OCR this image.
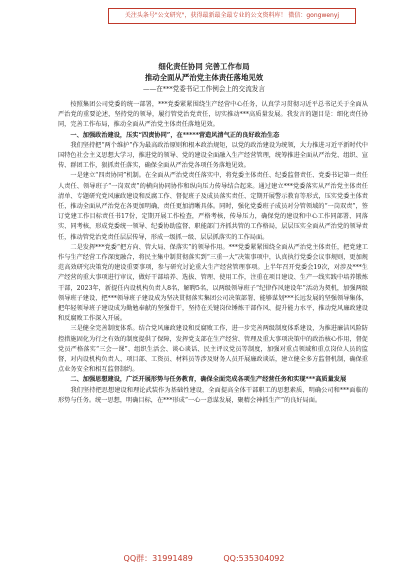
关注头条号"公文研究"，获得最新最全最专业的公文资料库！ 微信：gongwenyj
细化责任协同 完善工作布局
推动全面从严治党主体责任落地见效
——在***党委书记工作例会上的交流发言

按照集团公司党委的统一部署，***党委紧紧围绕生产经营中心任务，认真学习贯彻习近平总书记关于全面从严治党的重要论述，坚持党的领导，履行管党治党责任，切实推动***高质量发展。我发言的题目是：细化责任协同，完善工作布局，推动全面从严治党主体责任落地见效。

一、加强政治建设，压实“四责协同”，在*****营造风清气正的良好政治生态

我们坚持把“两个维护”作为最高政治原则和根本政治规矩，以党的政治建设为统领，大力推进习近平新时代中国特色社会主义思想大学习，推进党的领导、党的建设全面融入生产经营管理，统筹推进全面从严治党、组织、宣传、群团工作，狠抓责任落实，确保全面从严治党各项任务落地见效。

一是建立“四责协同”机制。在全面从严治党责任落实中，将党委主体责任、纪委监督责任、党委书记第一责任人责任、领导班子“一岗双责”的横向协同协作和纵向压力传导结合起来。通过建立***党委落实从严治党主体责任清单、专题研究党风廉政建设和反腐工作、督促班子及成员落实责任、定期开展警示教育等形式，压实党委主体责任，推动全面从严治党在各更加明确，责任更加清晰具体。同时，强化党委班子成员对分管领域的“一岗双责”，签订党建工作目标责任书17份，定期开展工作检查，严格考核，传导压力，确保党的建设和中心工作同部署、同落实、同考核，形成党委统一领导、纪委协助监督、职能部门齐抓共管的工作格局，层层压实全面从严治党的领导责任，推动管党治党责任层层传导，形成一级抓一级、层层抓落实的工作局面。

二是发挥***党委“把方向、管大局、保落实”的领导作用。***党委紧紧围绕全面从严治党主体责任，把党建工作与生产经营工作深度融合，将民主集中制贯彻落实到“三重一大”决策事项中，认真执行党委会议事规则，更加规范高效研究决策党的建设重要事项，参与研究讨论重大生产经营管理事项。上半年召开党委会19次，对涉及***生产经营的重大事项进行审议，做好干部培养、选拔、管理、使用工作，注重在项目建设、生产一线实践中培养锻炼干部，2023年，新提任内设机构负责人8名，解聘5名，以两级领导班子“纪律作风建设年”活动为契机，加强两级领导班子建设，把***领导班子建设成为坚决贯彻落实集团公司决策部署、能够谋划***长远发展的坚强领导集体，把年轻领导班子建设成为勤勉奉献的坚强骨干，坚持在关键岗位锤炼干部作风、提升能力水平，推动党风廉政建设和反腐败工作深入开展。

三是健全完善制度体系。结合党风廉政建设和反腐败工作，进一步完善两级制度体系建设，为推进廉洁风险防控措施固化为行之有效的制度提供了保障，发挥党支部在生产经营、管理及重大事项决策中的政治核心作用，督促党员严格落实“三会一课”、组织生活会、谈心谈话、民主评议党员等制度，加强对重点领域和重点岗位人员的监督，对内设机构负责人、项目部、工资员、材料员等涉及财务人员开展廉政谈话，建立健全多方监督机制，确保重点业务安全和相互监督制约。

二、加强思想建设，广泛开展形势与任务教育，确保全面完成各项生产经营任务和实现***高质量发展

我们坚持把思想建设和理论武装作为基础性建设，全面提高全体干部职工的思想素质，明确公司和***面临的形势与任务。统一思想，明确目标，在***形成“一心一意谋发展，聚精会神抓生产”的良好局面。

QQ群：31991489	QQ:535304092
